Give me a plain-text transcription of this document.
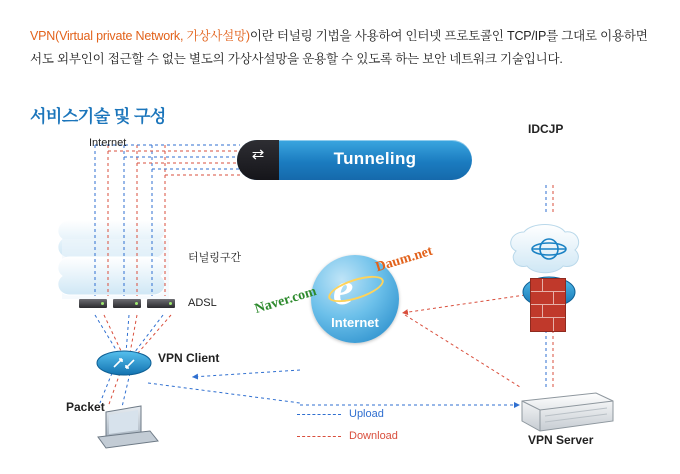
VPN(Virtual private Network, 가상사설망)이란 터널링 기법을 사용하여 인터넷 프로토콜인 TCP/IP를 그대로 이용하면서도 외부인이 접근할 수 없는 별도의 가상사설망을 운용할 수 있도록 하는 보안 네트워크 기술입니다.

서비스기술 및 구성
⇄	Tunneling
e
Internet
Naver.com
Daum.net
Internet
터널링구간
ADSL
VPN Client
Packet
IDCJP
VPN Server
Upload
Download
